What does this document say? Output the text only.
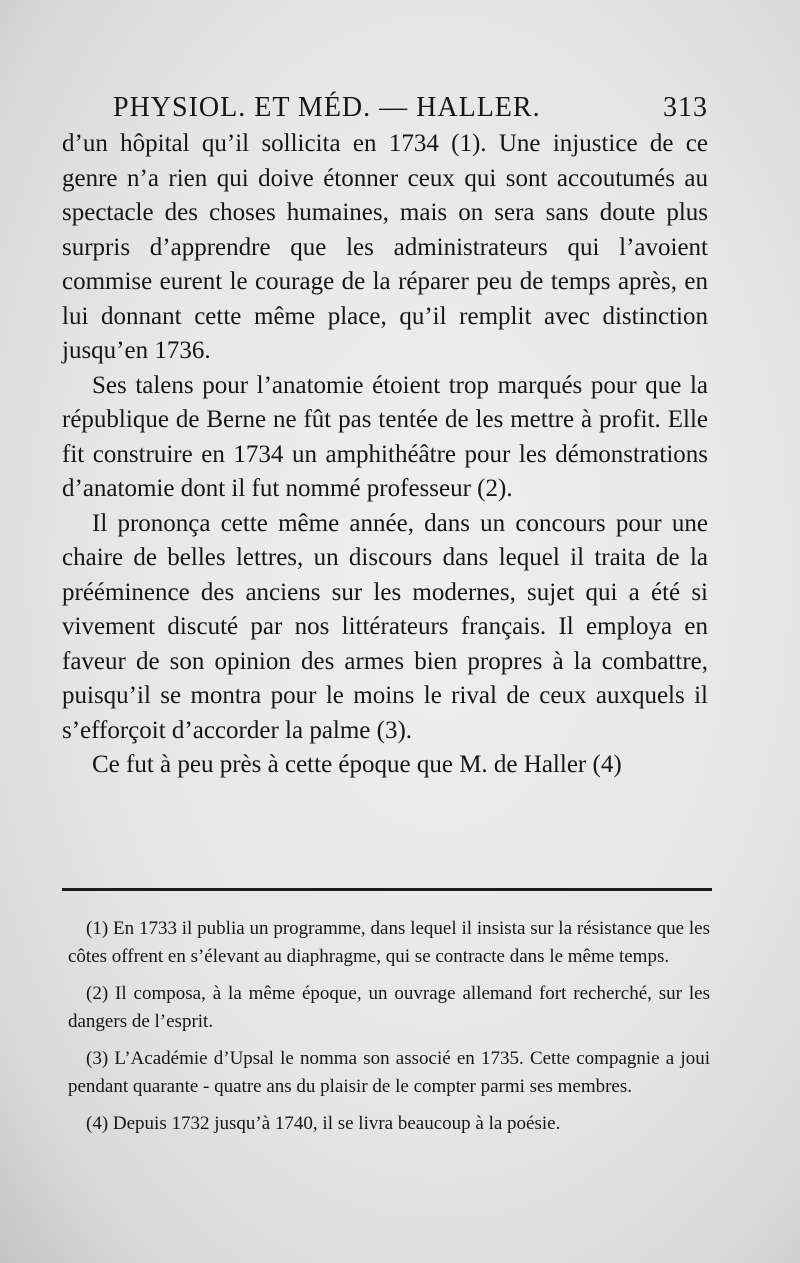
PHYSIOL. ET MÉD. — HALLER.	313

d’un hôpital qu’il sollicita en 1734 (1). Une injustice de ce genre n’a rien qui doive étonner ceux qui sont accoutumés au spectacle des choses humaines, mais on sera sans doute plus surpris d’apprendre que les administrateurs qui l’avoient commise eurent le courage de la réparer peu de temps après, en lui donnant cette même place, qu’il remplit avec distinction jusqu’en 1736.

Ses talens pour l’anatomie étoient trop marqués pour que la république de Berne ne fût pas tentée de les mettre à profit. Elle fit construire en 1734 un amphithéâtre pour les démonstrations d’anatomie dont il fut nommé professeur (2).

Il prononça cette même année, dans un concours pour une chaire de belles lettres, un discours dans lequel il traita de la prééminence des anciens sur les modernes, sujet qui a été si vivement discuté par nos littérateurs français. Il employa en faveur de son opinion des armes bien propres à la combattre, puisqu’il se montra pour le moins le rival de ceux auxquels il s’efforçoit d’accorder la palme (3).

Ce fut à peu près à cette époque que M. de Haller (4)

(1) En 1733 il publia un programme, dans lequel il insista sur la résistance que les côtes offrent en s’élevant au diaphragme, qui se contracte dans le même temps.

(2) Il composa, à la même époque, un ouvrage allemand fort recherché, sur les dangers de l’esprit.

(3) L’Académie d’Upsal le nomma son associé en 1735. Cette compagnie a joui pendant quarante - quatre ans du plaisir de le compter parmi ses membres.

(4) Depuis 1732 jusqu’à 1740, il se livra beaucoup à la poésie.
